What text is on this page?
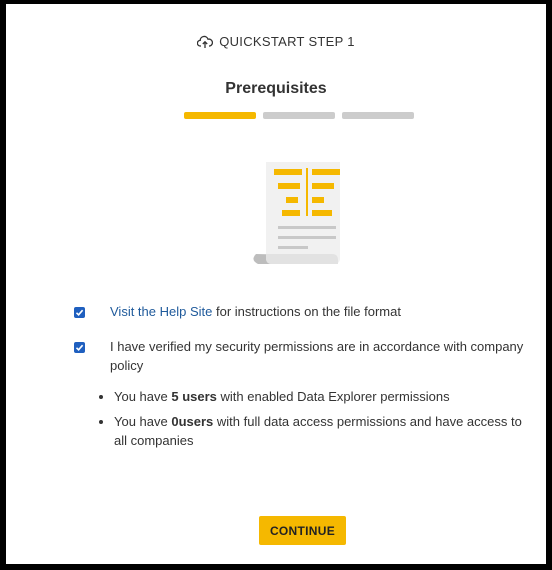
QUICKSTART STEP 1
Prerequisites
Visit the Help Site for instructions on the file format
I have verified my security permissions are in accordance with company policy
• You have 5 users with enabled Data Explorer permissions
• You have 0users with full data access permissions and have access to all companies
CONTINUE
